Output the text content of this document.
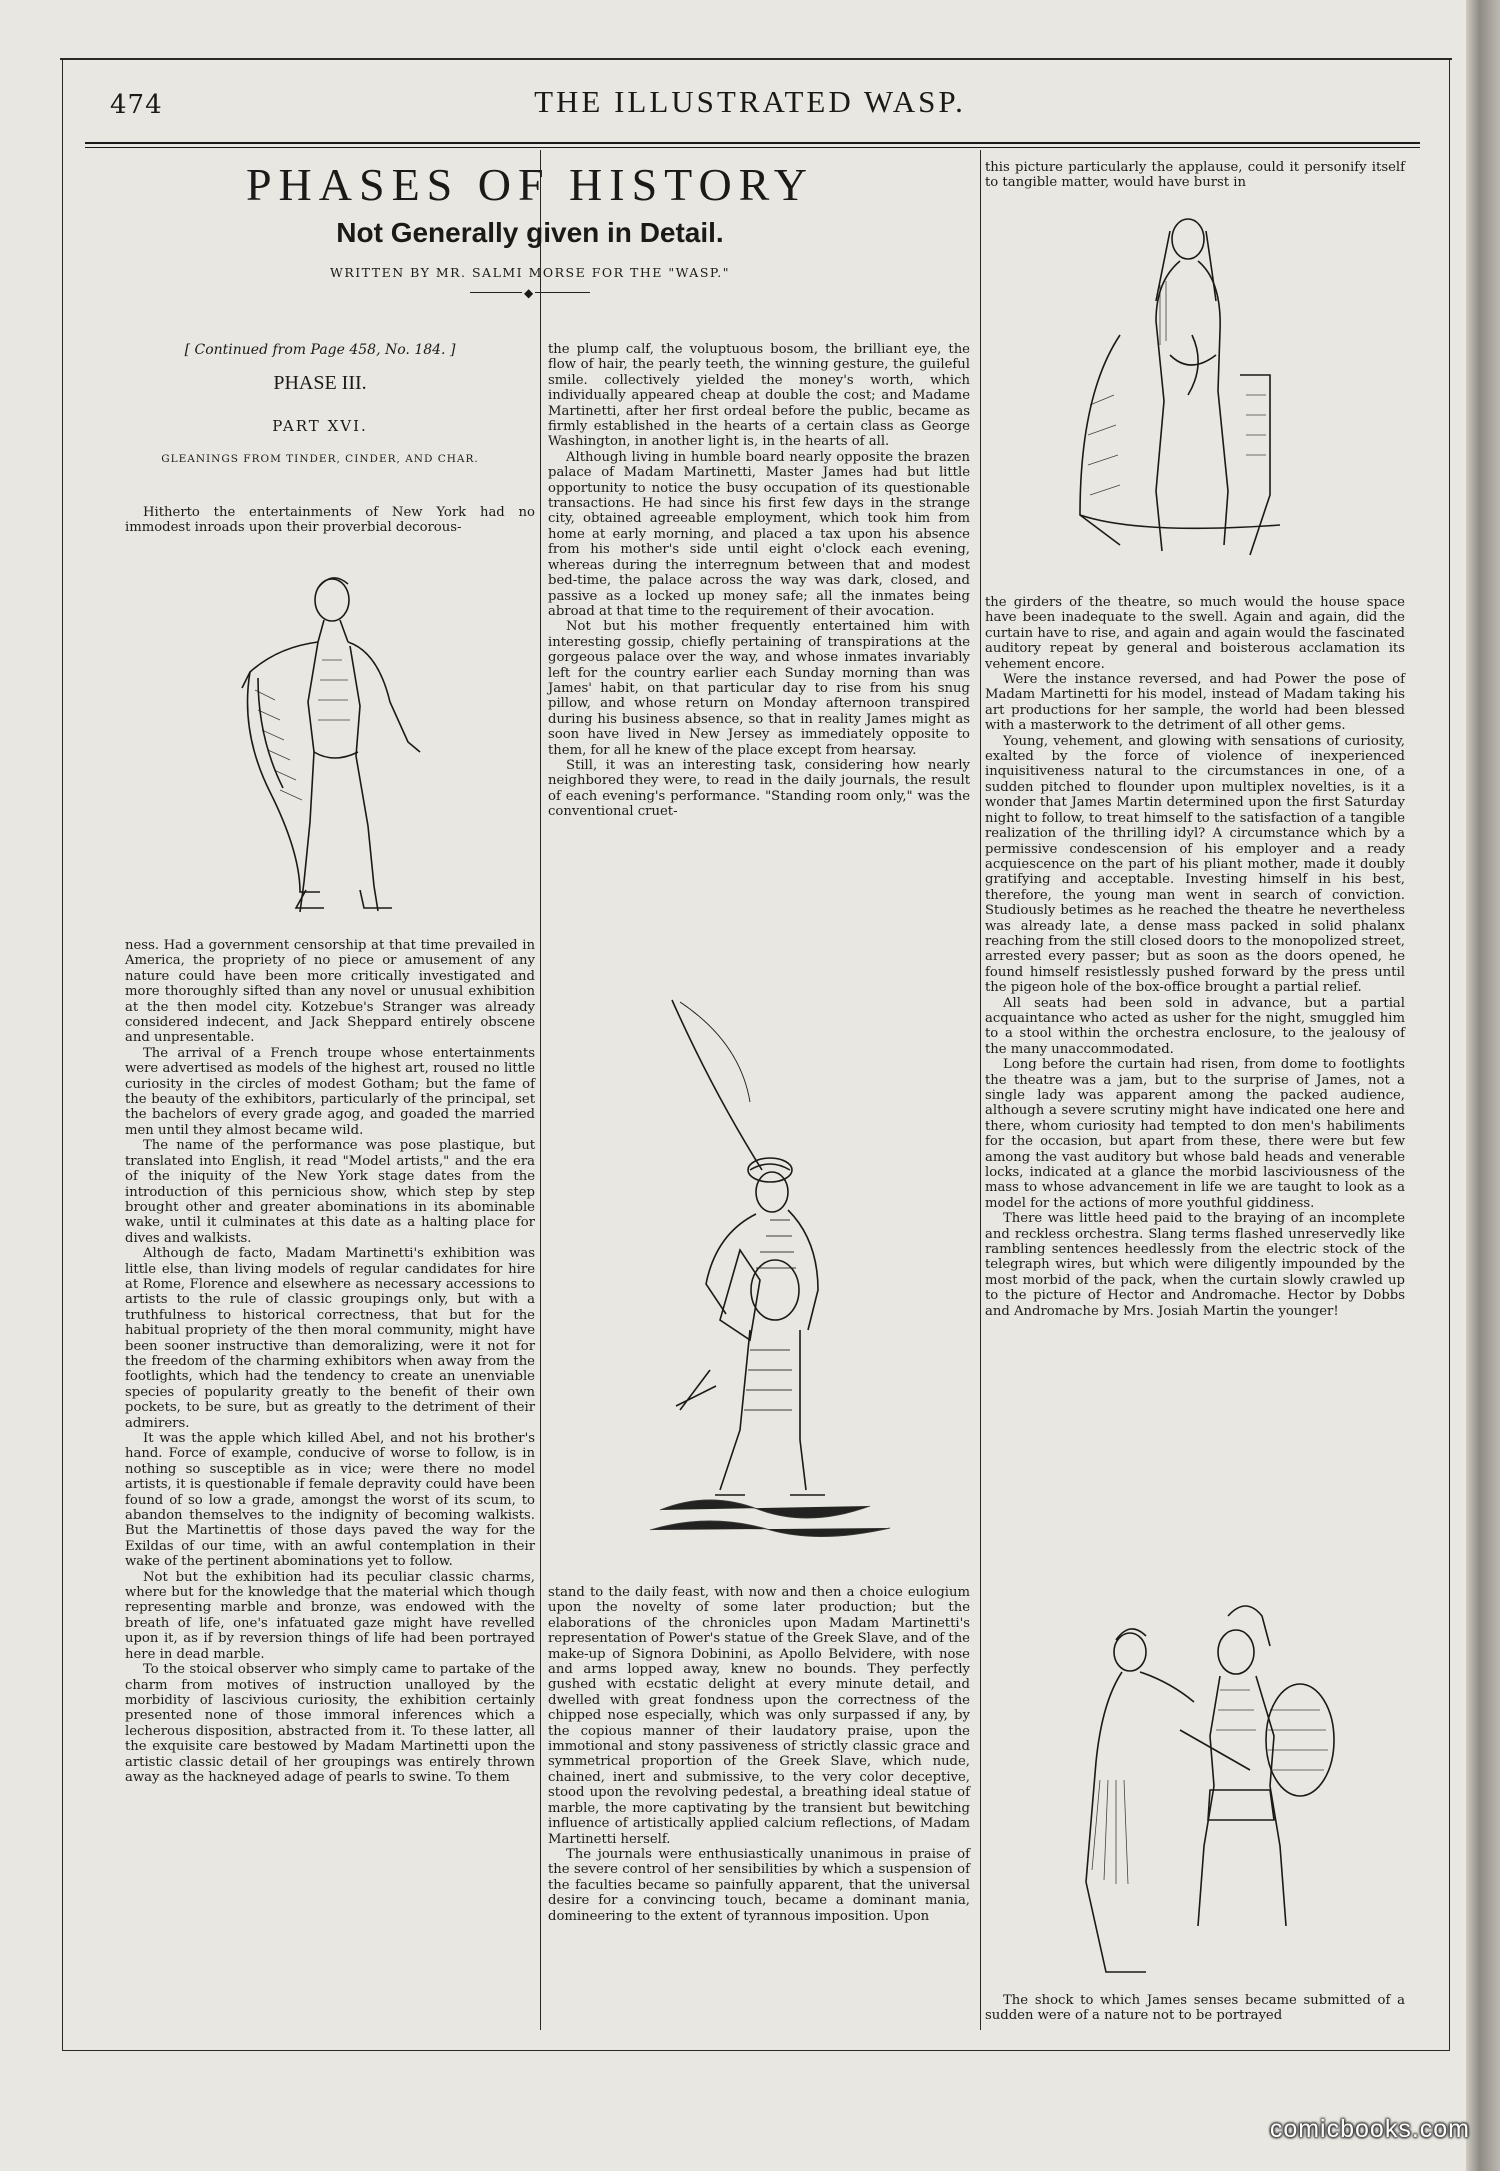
474	THE ILLUSTRATED WASP.
PHASES OF HISTORY
Not Generally given in Detail.
WRITTEN BY MR. SALMI MORSE FOR THE "WASP."
◆
[ Continued from Page 458, No. 184. ]
PHASE III.
PART XVI.
GLEANINGS FROM TINDER, CINDER, AND CHAR.

Hitherto the entertainments of New York had no immodest inroads upon their proverbial decorous-

ness. Had a government censorship at that time prevailed in America, the propriety of no piece or amusement of any nature could have been more critically investigated and more thoroughly sifted than any novel or unusual exhibition at the then model city. Kotzebue's Stranger was already considered indecent, and Jack Sheppard entirely obscene and unpresentable.

The arrival of a French troupe whose entertainments were advertised as models of the highest art, roused no little curiosity in the circles of modest Gotham; but the fame of the beauty of the exhibitors, particularly of the principal, set the bachelors of every grade agog, and goaded the married men until they almost became wild.

The name of the performance was pose plastique, but translated into English, it read "Model artists," and the era of the iniquity of the New York stage dates from the introduction of this pernicious show, which step by step brought other and greater abominations in its abominable wake, until it culminates at this date as a halting place for dives and walkists.

Although de facto, Madam Martinetti's exhibition was little else, than living models of regular candidates for hire at Rome, Florence and elsewhere as necessary accessions to artists to the rule of classic groupings only, but with a truthfulness to historical correctness, that but for the habitual propriety of the then moral community, might have been sooner instructive than demoralizing, were it not for the freedom of the charming exhibitors when away from the footlights, which had the tendency to create an unenviable species of popularity greatly to the benefit of their own pockets, to be sure, but as greatly to the detriment of their admirers.

It was the apple which killed Abel, and not his brother's hand. Force of example, conducive of worse to follow, is in nothing so susceptible as in vice; were there no model artists, it is questionable if female depravity could have been found of so low a grade, amongst the worst of its scum, to abandon themselves to the indignity of becoming walkists. But the Martinettis of those days paved the way for the Exildas of our time, with an awful contemplation in their wake of the pertinent abominations yet to follow.

Not but the exhibition had its peculiar classic charms, where but for the knowledge that the material which though representing marble and bronze, was endowed with the breath of life, one's infatuated gaze might have revelled upon it, as if by reversion things of life had been portrayed here in dead marble.

To the stoical observer who simply came to partake of the charm from motives of instruction unalloyed by the morbidity of lascivious curiosity, the exhibition certainly presented none of those immoral inferences which a lecherous disposition, abstracted from it. To these latter, all the exquisite care bestowed by Madam Martinetti upon the artistic classic detail of her groupings was entirely thrown away as the hackneyed adage of pearls to swine. To them

the plump calf, the voluptuous bosom, the brilliant eye, the flow of hair, the pearly teeth, the winning gesture, the guileful smile. collectively yielded the money's worth, which individually appeared cheap at double the cost; and Madame Martinetti, after her first ordeal before the public, became as firmly established in the hearts of a certain class as George Washington, in another light is, in the hearts of all.

Although living in humble board nearly opposite the brazen palace of Madam Martinetti, Master James had but little opportunity to notice the busy occupation of its questionable transactions. He had since his first few days in the strange city, obtained agreeable employment, which took him from home at early morning, and placed a tax upon his absence from his mother's side until eight o'clock each evening, whereas during the interregnum between that and modest bed-time, the palace across the way was dark, closed, and passive as a locked up money safe; all the inmates being abroad at that time to the requirement of their avocation.

Not but his mother frequently entertained him with interesting gossip, chiefly pertaining of transpirations at the gorgeous palace over the way, and whose inmates invariably left for the country earlier each Sunday morning than was James' habit, on that particular day to rise from his snug pillow, and whose return on Monday afternoon transpired during his business absence, so that in reality James might as soon have lived in New Jersey as immediately opposite to them, for all he knew of the place except from hearsay.

Still, it was an interesting task, considering how nearly neighbored they were, to read in the daily journals, the result of each evening's performance. "Standing room only," was the conventional cruet-

stand to the daily feast, with now and then a choice eulogium upon the novelty of some later production; but the elaborations of the chronicles upon Madam Martinetti's representation of Power's statue of the Greek Slave, and of the make-up of Signora Dobinini, as Apollo Belvidere, with nose and arms lopped away, knew no bounds. They perfectly gushed with ecstatic delight at every minute detail, and dwelled with great fondness upon the correctness of the chipped nose especially, which was only surpassed if any, by the copious manner of their laudatory praise, upon the immotional and stony passiveness of strictly classic grace and symmetrical proportion of the Greek Slave, which nude, chained, inert and submissive, to the very color deceptive, stood upon the revolving pedestal, a breathing ideal statue of marble, the more captivating by the transient but bewitching influence of artistically applied calcium reflections, of Madam Martinetti herself.

The journals were enthusiastically unanimous in praise of the severe control of her sensibilities by which a suspension of the faculties became so painfully apparent, that the universal desire for a convincing touch, became a dominant mania, domineering to the extent of tyrannous imposition. Upon

this picture particularly the applause, could it personify itself to tangible matter, would have burst in

the girders of the theatre, so much would the house space have been inadequate to the swell. Again and again, did the curtain have to rise, and again and again would the fascinated auditory repeat by general and boisterous acclamation its vehement encore.

Were the instance reversed, and had Power the pose of Madam Martinetti for his model, instead of Madam taking his art productions for her sample, the world had been blessed with a masterwork to the detriment of all other gems.

Young, vehement, and glowing with sensations of curiosity, exalted by the force of violence of inexperienced inquisitiveness natural to the circumstances in one, of a sudden pitched to flounder upon multiplex novelties, is it a wonder that James Martin determined upon the first Saturday night to follow, to treat himself to the satisfaction of a tangible realization of the thrilling idyl? A circumstance which by a permissive condescension of his employer and a ready acquiescence on the part of his pliant mother, made it doubly gratifying and acceptable. Investing himself in his best, therefore, the young man went in search of conviction. Studiously betimes as he reached the theatre he nevertheless was already late, a dense mass packed in solid phalanx reaching from the still closed doors to the monopolized street, arrested every passer; but as soon as the doors opened, he found himself resistlessly pushed forward by the press until the pigeon hole of the box-office brought a partial relief.

All seats had been sold in advance, but a partial acquaintance who acted as usher for the night, smuggled him to a stool within the orchestra enclosure, to the jealousy of the many unaccommodated.

Long before the curtain had risen, from dome to footlights the theatre was a jam, but to the surprise of James, not a single lady was apparent among the packed audience, although a severe scrutiny might have indicated one here and there, whom curiosity had tempted to don men's habiliments for the occasion, but apart from these, there were but few among the vast auditory but whose bald heads and venerable locks, indicated at a glance the morbid lasciviousness of the mass to whose advancement in life we are taught to look as a model for the actions of more youthful giddiness.

There was little heed paid to the braying of an incomplete and reckless orchestra. Slang terms flashed unreservedly like rambling sentences heedlessly from the electric stock of the telegraph wires, but which were diligently impounded by the most morbid of the pack, when the curtain slowly crawled up to the picture of Hector and Andromache. Hector by Dobbs and Andromache by Mrs. Josiah Martin the younger!

The shock to which James senses became submitted of a sudden were of a nature not to be portrayed

comicbooks.com
